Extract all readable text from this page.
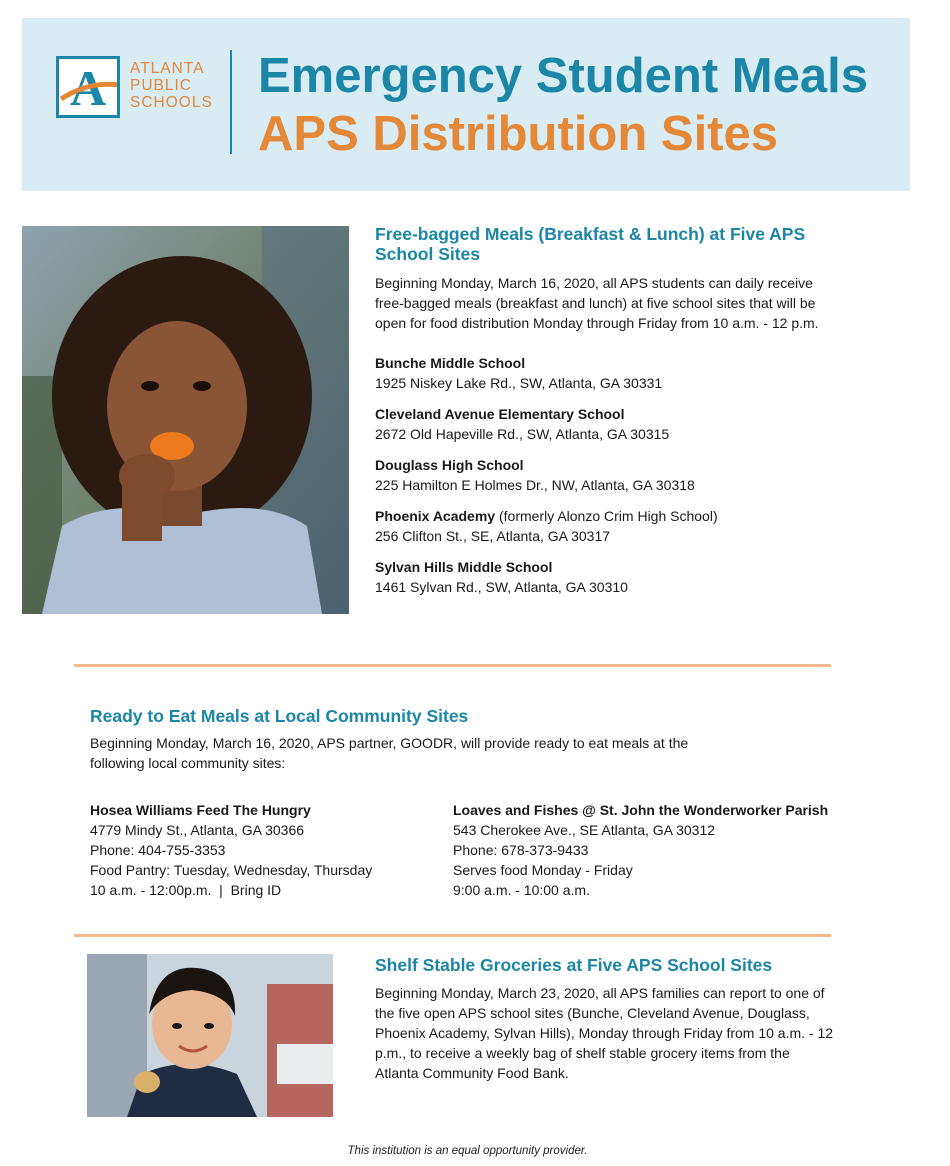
A ATLANTA
PUBLIC
SCHOOLS Emergency Student Meals
APS Distribution Sites
Free-bagged Meals (Breakfast & Lunch) at Five APS School Sites
Beginning Monday, March 16, 2020, all APS students can daily receive free-bagged meals (breakfast and lunch) at five school sites that will be open for food distribution Monday through Friday from 10 a.m. - 12 p.m.
Bunche Middle School
1925 Niskey Lake Rd., SW, Atlanta, GA 30331
Cleveland Avenue Elementary School
2672 Old Hapeville Rd., SW, Atlanta, GA 30315
Douglass High School
225 Hamilton E Holmes Dr., NW, Atlanta, GA 30318
Phoenix Academy (formerly Alonzo Crim High School)
256 Clifton St., SE, Atlanta, GA 30317
Sylvan Hills Middle School
1461 Sylvan Rd., SW, Atlanta, GA 30310
Ready to Eat Meals at Local Community Sites
Beginning Monday, March 16, 2020, APS partner, GOODR, will provide ready to eat meals at the following local community sites:
Hosea Williams Feed The Hungry
4779 Mindy St., Atlanta, GA 30366
Phone: 404-755-3353
Food Pantry: Tuesday, Wednesday, Thursday
10 a.m. - 12:00p.m.  |  Bring ID
Loaves and Fishes @ St. John the Wonderworker Parish
543 Cherokee Ave., SE Atlanta, GA 30312
Phone: 678-373-9433
Serves food Monday - Friday
9:00 a.m. - 10:00 a.m.
Shelf Stable Groceries at Five APS School Sites
Beginning Monday, March 23, 2020, all APS families can report to one of the five open APS school sites (Bunche, Cleveland Avenue, Douglass, Phoenix Academy, Sylvan Hills), Monday through Friday from 10 a.m. - 12 p.m., to receive a weekly bag of shelf stable grocery items from the Atlanta Community Food Bank.
This institution is an equal opportunity provider.
